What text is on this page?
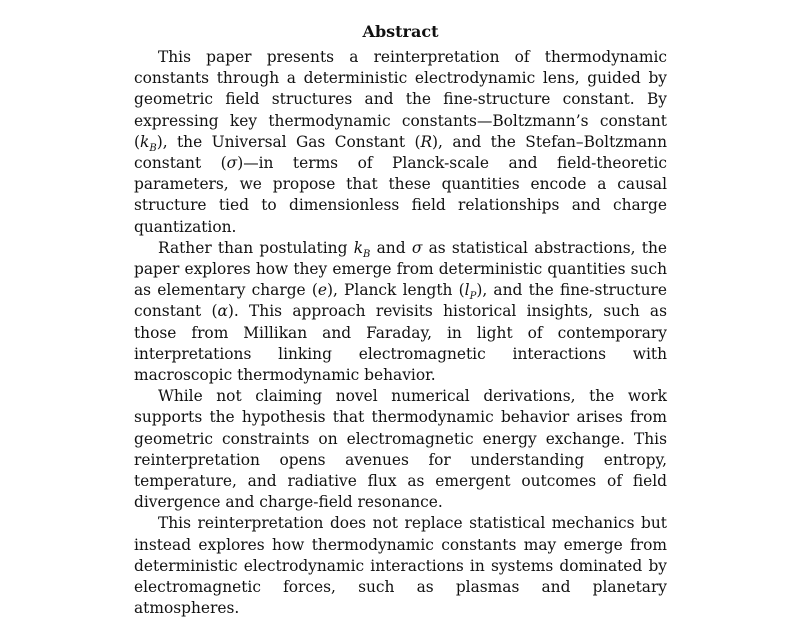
Abstract

This paper presents a reinterpretation of thermodynamic constants through a deterministic electrodynamic lens, guided by geometric field structures and the fine-structure constant. By expressing key thermodynamic constants—Boltzmann’s constant $(k_B)$, the Universal Gas Constant (R), and the Stefan–Boltzmann constant (σ)—in terms of Planck-scale and field-theoretic parameters, we propose that these quantities encode a causal structure tied to dimensionless field relationships and charge quantization.

Rather than postulating $k_B$ and σ as statistical abstractions, the paper explores how they emerge from deterministic quantities such as elementary charge (e), Planck length $(l_P)$, and the fine-structure constant (α). This approach revisits historical insights, such as those from Millikan and Faraday, in light of contemporary interpretations linking electromagnetic interactions with macroscopic thermodynamic behavior.

While not claiming novel numerical derivations, the work supports the hypothesis that thermodynamic behavior arises from geometric constraints on electromagnetic energy exchange. This reinterpretation opens avenues for understanding entropy, temperature, and radiative flux as emergent outcomes of field divergence and charge-field resonance.

This reinterpretation does not replace statistical mechanics but instead explores how thermodynamic constants may emerge from deterministic electrodynamic interactions in systems dominated by electromagnetic forces, such as plasmas and planetary atmospheres.
